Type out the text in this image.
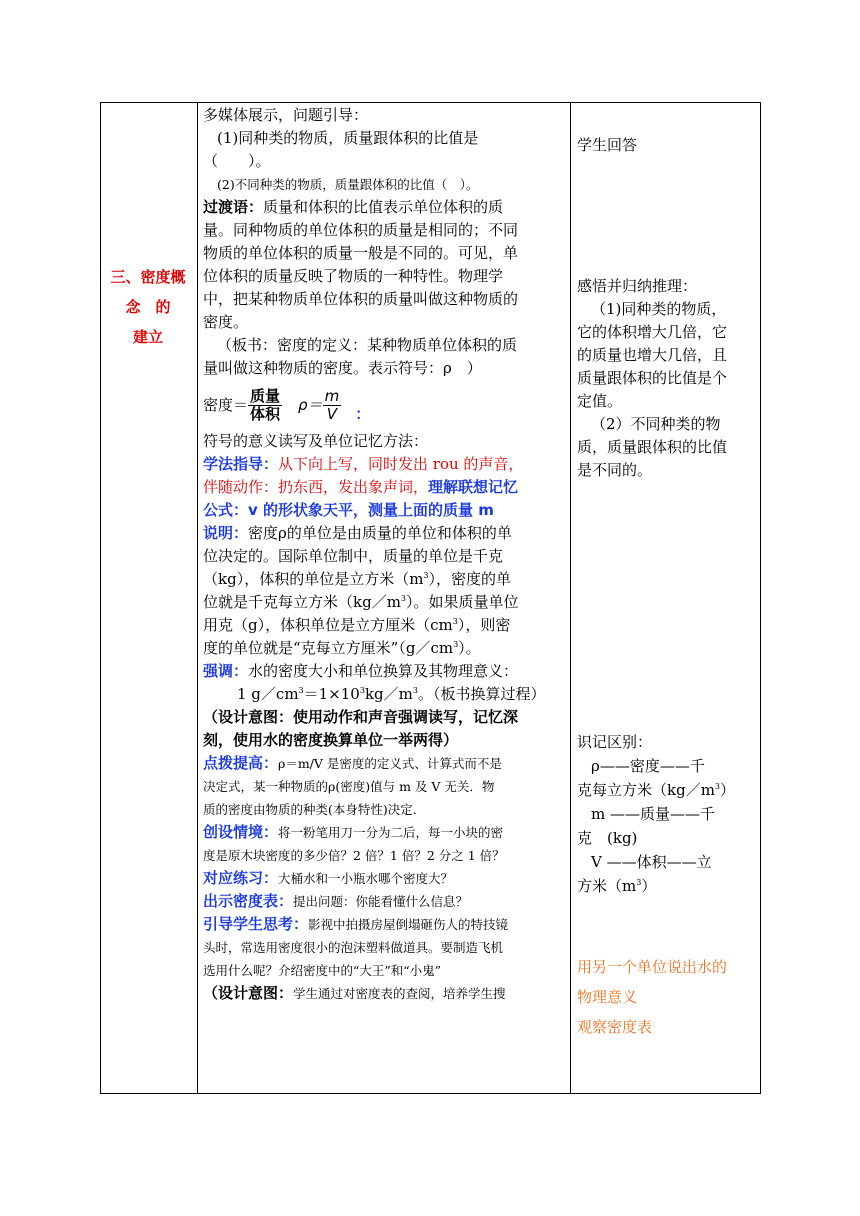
三、密度概
念　的
建立
多媒体展示，问题引导：
(1)同种类的物质，质量跟体积的比值是
（　　）。
(2)不同种类的物质，质量跟体积的比值（　）。
过渡语：质量和体积的比值表示单位体积的质
量。同种物质的单位体积的质量是相同的；不同
物质的单位体积的质量一般是不同的。可见，单
位体积的质量反映了物质的一种特性。物理学
中，把某种物质单位体积的质量叫做这种物质的
密度。
（板书：密度的定义：某种物质单位体积的质
量叫做这种物质的密度。表示符号：ρ　）
密度＝ $\frac{\text{质量}}{\text{体积}} \rho= \frac{m}{V}$ ：
符号的意义读写及单位记忆方法：
学法指导：从下向上写，同时发出 rou 的声音，
伴随动作：扔东西，发出象声词，理解联想记忆
公式：v 的形状象天平，测量上面的质量 m
说明：密度ρ的单位是由质量的单位和体积的单
位决定的。国际单位制中，质量的单位是千克
（kg），体积的单位是立方米$(m^3)$，密度的单
位就是千克每立方米$(kg/m^3)$。如果质量单位
用克（g），体积单位是立方厘米$(cm^3)$，则密
度的单位就是“克每立方厘米$”(g/cm^3)$。
强调：水的密度大小和单位换算及其物理意义：
1 $g/cm^3=1\times 10^3kg/m^3$。（板书换算过程）
（设计意图：使用动作和声音强调读写，记忆深
刻，使用水的密度换算单位一举两得）
点拨提高：ρ＝m/V 是密度的定义式、计算式而不是
决定式，某一种物质的ρ(密度)值与 m 及 V 无关．物
质的密度由物质的种类(本身特性)决定.
创设情境：将一粉笔用刀一分为二后，每一小块的密
度是原木块密度的多少倍？2 倍？1 倍？2 分之 1 倍？
对应练习：大桶水和一小瓶水哪个密度大？
出示密度表：提出问题：你能看懂什么信息？
引导学生思考：影视中拍摄房屋倒塌砸伤人的特技镜
头时，常选用密度很小的泡沫塑料做道具。要制造飞机
选用什么呢？介绍密度中的“大王”和“小鬼”
（设计意图：学生通过对密度表的查阅，培养学生搜
学生回答
感悟并归纳推理：
（1)同种类的物质，
它的体积增大几倍，它
的质量也增大几倍，且
质量跟体积的比值是个
定值。
（2）不同种类的物
质，质量跟体积的比值
是不同的。
识记区别：
ρ——密度——千
克每立方米$(kg/m^3)$
m ——质量——千
克　(kg)
V ——体积——立
方米$(m^3)$
用另一个单位说出水的
物理意义
观察密度表
